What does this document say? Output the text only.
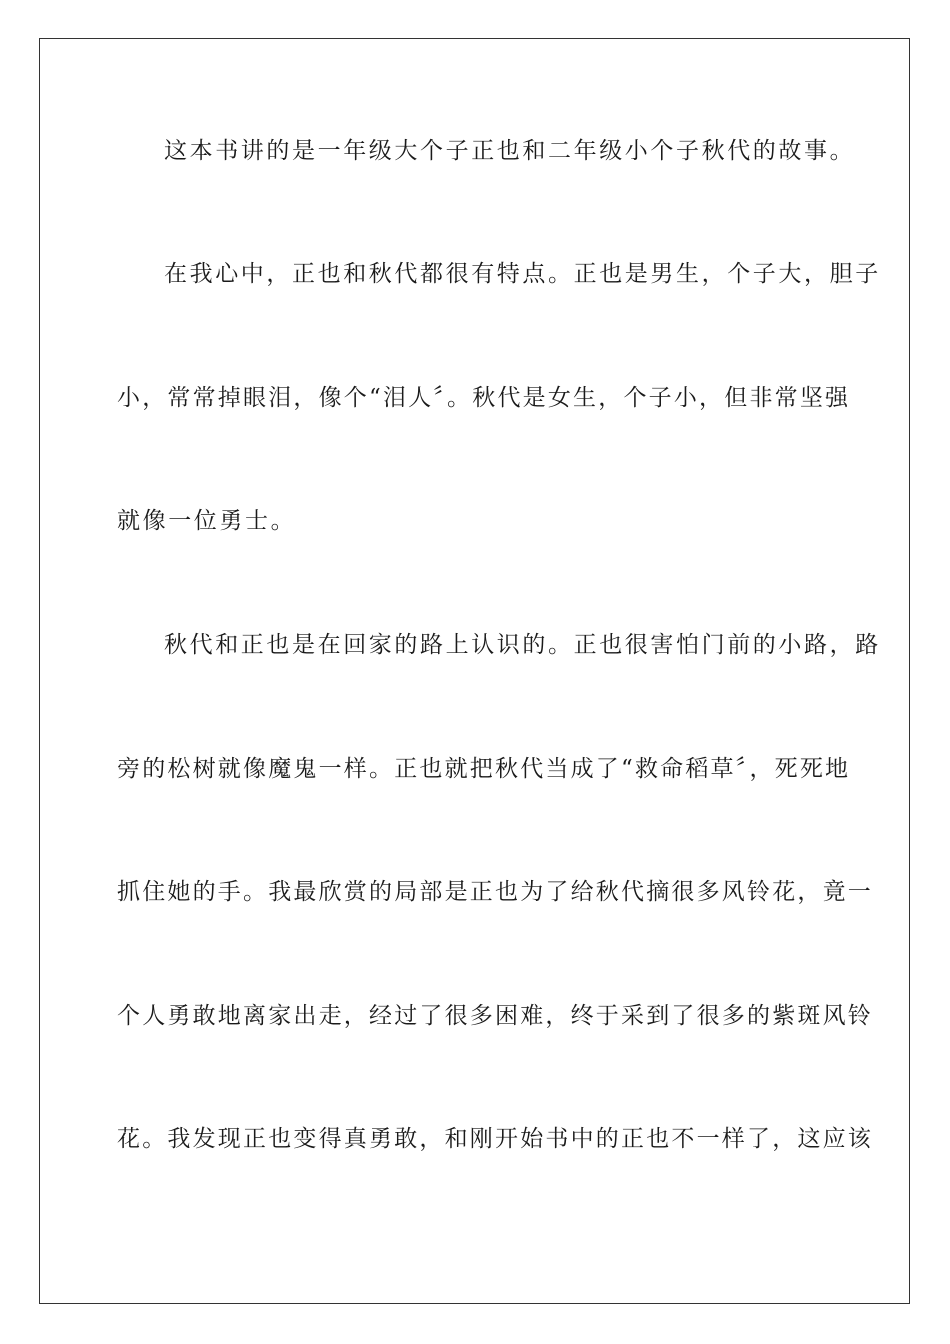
这本书讲的是一年级大个子正也和二年级小个子秋代的故事。
在我心中，正也和秋代都很有特点。正也是男生，个子大，胆子
小，常常掉眼泪，像个“泪人〞。秋代是女生，个子小，但非常坚强
就像一位勇士。
秋代和正也是在回家的路上认识的。正也很害怕门前的小路，路
旁的松树就像魔鬼一样。正也就把秋代当成了“救命稻草〞，死死地
抓住她的手。我最欣赏的局部是正也为了给秋代摘很多风铃花，竟一
个人勇敢地离家出走，经过了很多困难，终于采到了很多的紫斑风铃
花。我发现正也变得真勇敢，和刚开始书中的正也不一样了，这应该
